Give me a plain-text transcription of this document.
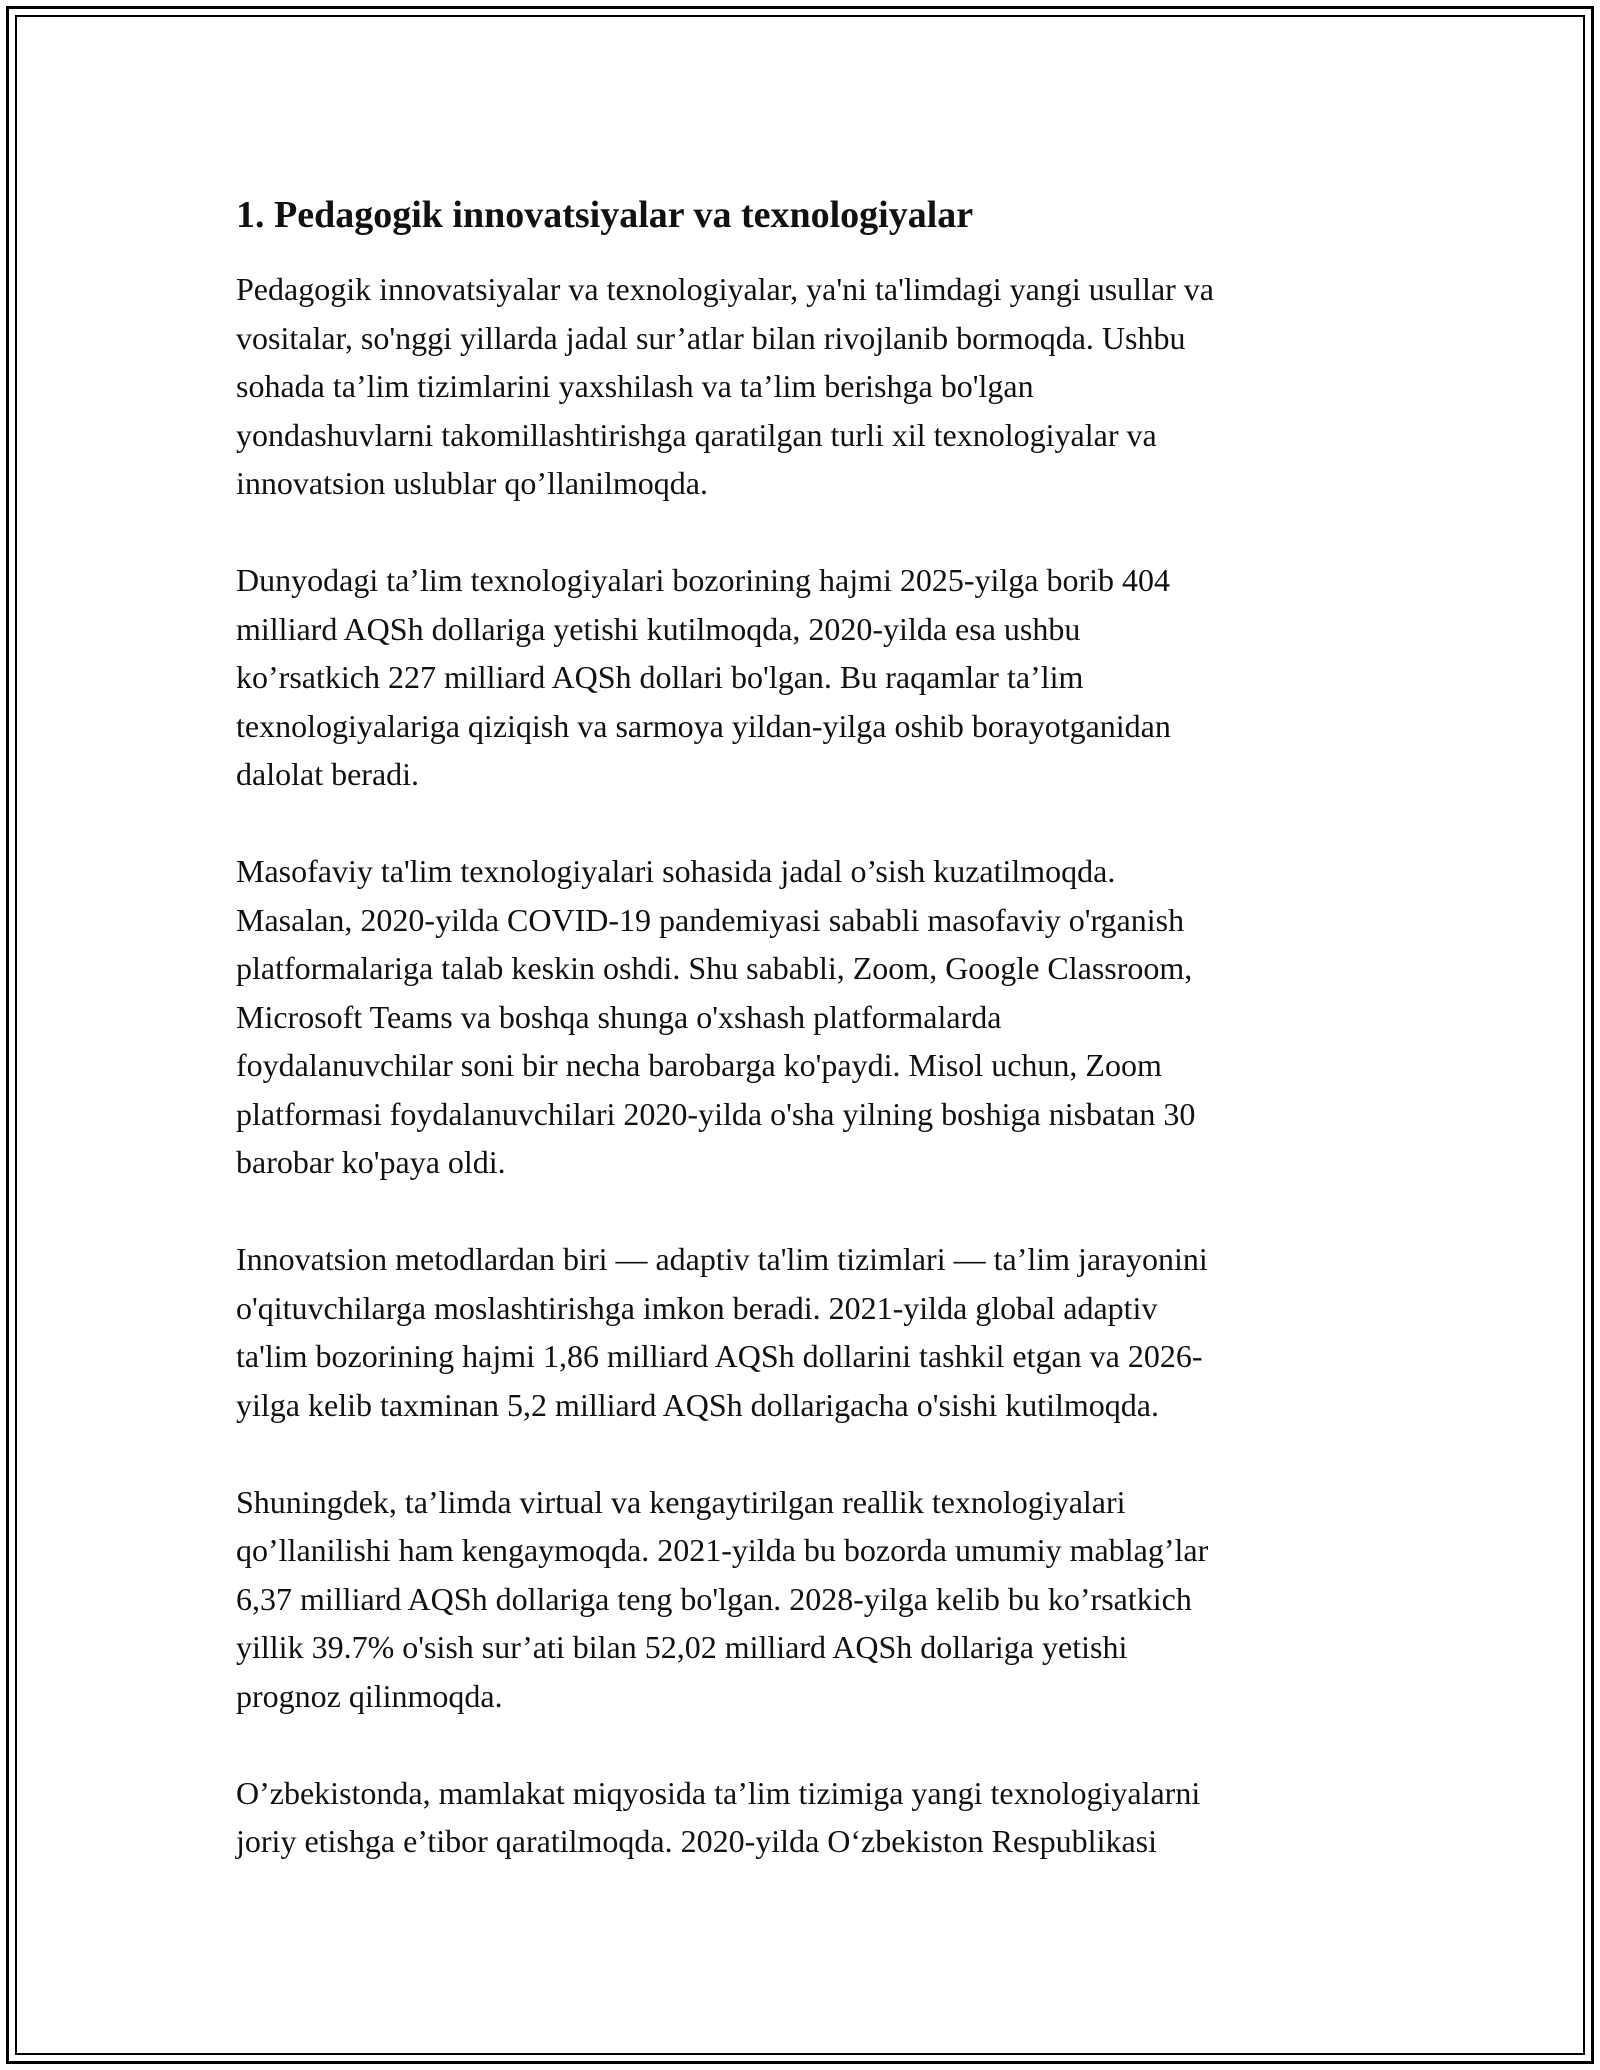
1. Pedagogik innovatsiyalar va texnologiyalar

Pedagogik innovatsiyalar va texnologiyalar, ya'ni ta'limdagi yangi usullar va
vositalar, so'nggi yillarda jadal sur’atlar bilan rivojlanib bormoqda. Ushbu
sohada ta’lim tizimlarini yaxshilash va ta’lim berishga bo'lgan
yondashuvlarni takomillashtirishga qaratilgan turli xil texnologiyalar va
innovatsion uslublar qo’llanilmoqda.

Dunyodagi ta’lim texnologiyalari bozorining hajmi 2025-yilga borib 404
milliard AQSh dollariga yetishi kutilmoqda, 2020-yilda esa ushbu
ko’rsatkich 227 milliard AQSh dollari bo'lgan. Bu raqamlar ta’lim
texnologiyalariga qiziqish va sarmoya yildan-yilga oshib borayotganidan
dalolat beradi.

Masofaviy ta'lim texnologiyalari sohasida jadal o’sish kuzatilmoqda.
Masalan, 2020-yilda COVID-19 pandemiyasi sababli masofaviy o'rganish
platformalariga talab keskin oshdi. Shu sababli, Zoom, Google Classroom,
Microsoft Teams va boshqa shunga o'xshash platformalarda
foydalanuvchilar soni bir necha barobarga ko'paydi. Misol uchun, Zoom
platformasi foydalanuvchilari 2020-yilda o'sha yilning boshiga nisbatan 30
barobar ko'paya oldi.

Innovatsion metodlardan biri — adaptiv ta'lim tizimlari — ta’lim jarayonini
o'qituvchilarga moslashtirishga imkon beradi. 2021-yilda global adaptiv
ta'lim bozorining hajmi 1,86 milliard AQSh dollarini tashkil etgan va 2026-
yilga kelib taxminan 5,2 milliard AQSh dollarigacha o'sishi kutilmoqda.

Shuningdek, ta’limda virtual va kengaytirilgan reallik texnologiyalari
qo’llanilishi ham kengaymoqda. 2021-yilda bu bozorda umumiy mablag’lar
6,37 milliard AQSh dollariga teng bo'lgan. 2028-yilga kelib bu ko’rsatkich
yillik 39.7% o'sish sur’ati bilan 52,02 milliard AQSh dollariga yetishi
prognoz qilinmoqda.

O’zbekistonda, mamlakat miqyosida ta’lim tizimiga yangi texnologiyalarni
joriy etishga e’tibor qaratilmoqda. 2020-yilda O‘zbekiston Respublikasi
